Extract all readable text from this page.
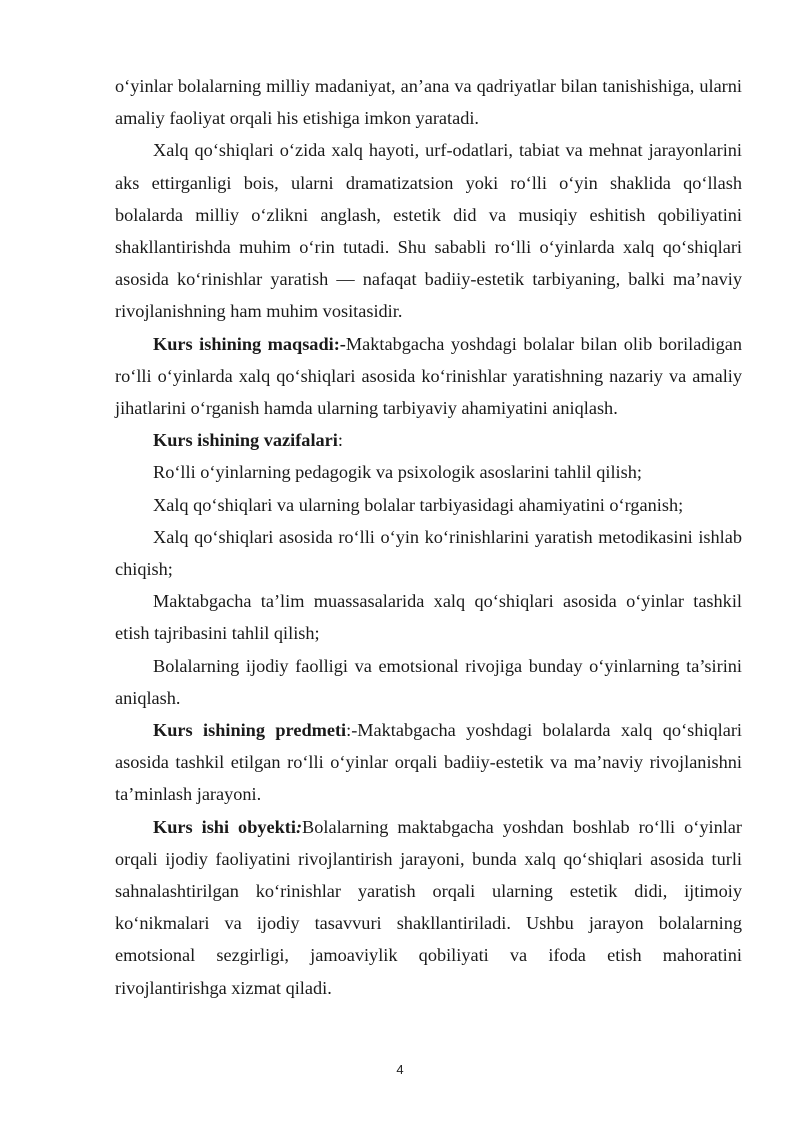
o‘yinlar bolalarning milliy madaniyat, an’ana va qadriyatlar bilan tanishishiga, ularni amaliy faoliyat orqali his etishiga imkon yaratadi.

Xalq qo‘shiqlari o‘zida xalq hayoti, urf-odatlari, tabiat va mehnat jarayonlarini aks ettirganligi bois, ularni dramatizatsion yoki ro‘lli o‘yin shaklida qo‘llash bolalarda milliy o‘zlikni anglash, estetik did va musiqiy eshitish qobiliyatini shakllantirishda muhim o‘rin tutadi. Shu sababli ro‘lli o‘yinlarda xalq qo‘shiqlari asosida ko‘rinishlar yaratish — nafaqat badiiy-estetik tarbiyaning, balki ma’naviy rivojlanishning ham muhim vositasidir.

Kurs ishining maqsadi:-Maktabgacha yoshdagi bolalar bilan olib boriladigan ro‘lli o‘yinlarda xalq qo‘shiqlari asosida ko‘rinishlar yaratishning nazariy va amaliy jihatlarini o‘rganish hamda ularning tarbiyaviy ahamiyatini aniqlash.

Kurs ishining vazifalari:

Ro‘lli o‘yinlarning pedagogik va psixologik asoslarini tahlil qilish;

Xalq qo‘shiqlari va ularning bolalar tarbiyasidagi ahamiyatini o‘rganish;

Xalq qo‘shiqlari asosida ro‘lli o‘yin ko‘rinishlarini yaratish metodikasini ishlab chiqish;

Maktabgacha ta’lim muassasalarida xalq qo‘shiqlari asosida o‘yinlar tashkil etish tajribasini tahlil qilish;

Bolalarning ijodiy faolligi va emotsional rivojiga bunday o‘yinlarning ta’sirini aniqlash.

Kurs ishining predmeti:-Maktabgacha yoshdagi bolalarda xalq qo‘shiqlari asosida tashkil etilgan ro‘lli o‘yinlar orqali badiiy-estetik va ma’naviy rivojlanishni ta’minlash jarayoni.

Kurs ishi obyekti:Bolalarning maktabgacha yoshdan boshlab ro‘lli o‘yinlar orqali ijodiy faoliyatini rivojlantirish jarayoni, bunda xalq qo‘shiqlari asosida turli sahnalashtirilgan ko‘rinishlar yaratish orqali ularning estetik didi, ijtimoiy ko‘nikmalari va ijodiy tasavvuri shakllantiriladi. Ushbu jarayon bolalarning emotsional sezgirligi, jamoaviylik qobiliyati va ifoda etish mahoratini rivojlantirishga xizmat qiladi.

4
